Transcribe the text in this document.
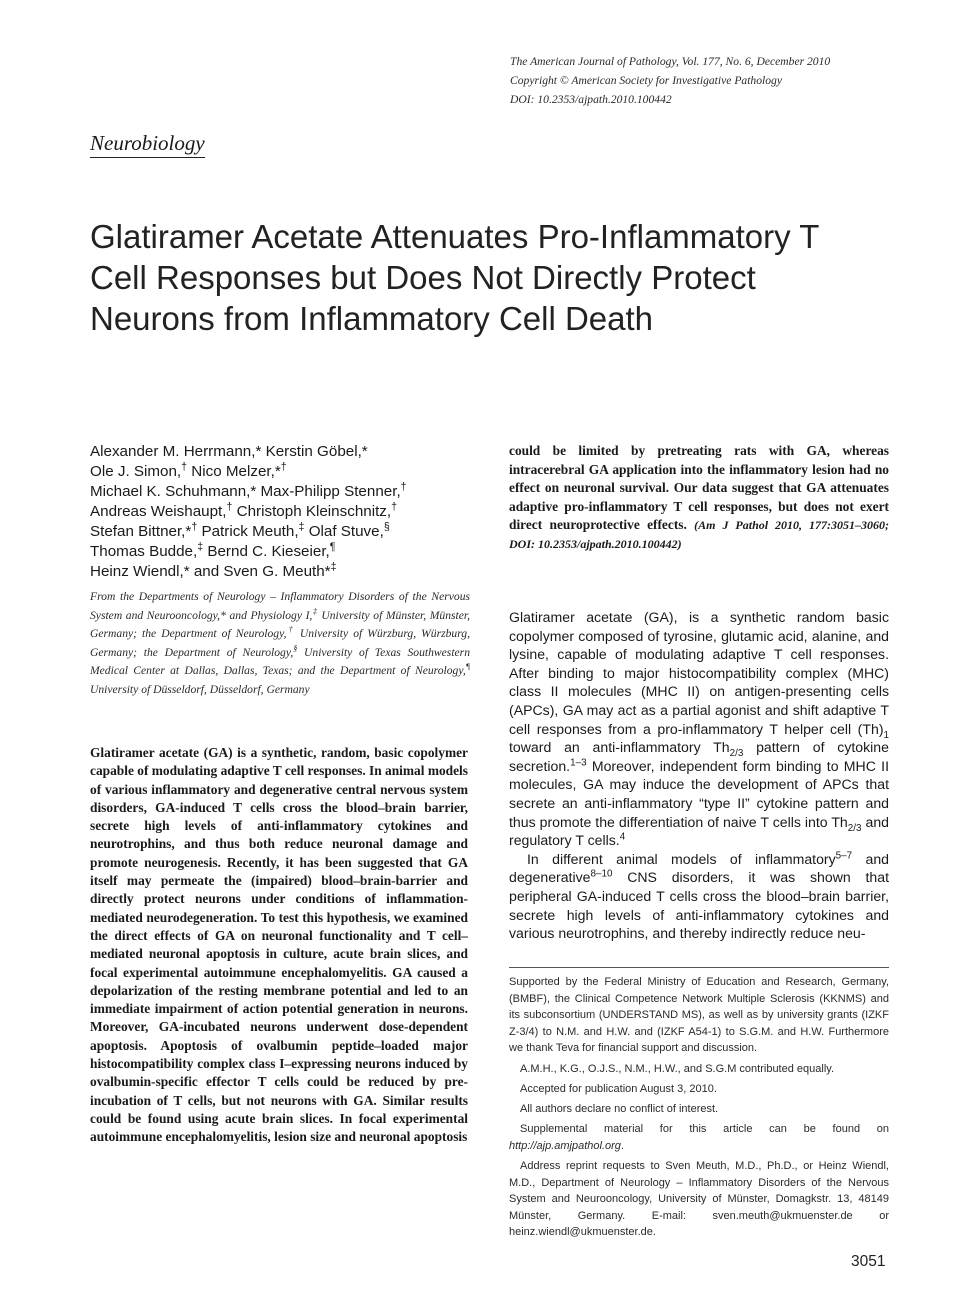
The American Journal of Pathology, Vol. 177, No. 6, December 2010
Copyright © American Society for Investigative Pathology
DOI: 10.2353/ajpath.2010.100442
Neurobiology
Glatiramer Acetate Attenuates Pro-Inflammatory T Cell Responses but Does Not Directly Protect Neurons from Inflammatory Cell Death
Alexander M. Herrmann,* Kerstin Göbel,*
Ole J. Simon,† Nico Melzer,*†
Michael K. Schuhmann,* Max-Philipp Stenner,†
Andreas Weishaupt,† Christoph Kleinschnitz,†
Stefan Bittner,*† Patrick Meuth,‡ Olaf Stuve,§
Thomas Budde,‡ Bernd C. Kieseier,¶
Heinz Wiendl,* and Sven G. Meuth*‡
From the Departments of Neurology – Inflammatory Disorders of the Nervous System and Neurooncology,* and Physiology I,‡ University of Münster, Münster, Germany; the Department of Neurology,† University of Würzburg, Würzburg, Germany; the Department of Neurology,§ University of Texas Southwestern Medical Center at Dallas, Dallas, Texas; and the Department of Neurology,¶ University of Düsseldorf, Düsseldorf, Germany
Glatiramer acetate (GA) is a synthetic, random, basic copolymer capable of modulating adaptive T cell responses. In animal models of various inflammatory and degenerative central nervous system disorders, GA-induced T cells cross the blood–brain barrier, secrete high levels of anti-inflammatory cytokines and neurotrophins, and thus both reduce neuronal damage and promote neurogenesis. Recently, it has been suggested that GA itself may permeate the (impaired) blood–brain-barrier and directly protect neurons under conditions of inflammation-mediated neurodegeneration. To test this hypothesis, we examined the direct effects of GA on neuronal functionality and T cell–mediated neuronal apoptosis in culture, acute brain slices, and focal experimental autoimmune encephalomyelitis. GA caused a depolarization of the resting membrane potential and led to an immediate impairment of action potential generation in neurons. Moreover, GA-incubated neurons underwent dose-dependent apoptosis. Apoptosis of ovalbumin peptide–loaded major histocompatibility complex class I–expressing neurons induced by ovalbumin-specific effector T cells could be reduced by pre-incubation of T cells, but not neurons with GA. Similar results could be found using acute brain slices. In focal experimental autoimmune encephalomyelitis, lesion size and neuronal apoptosis
could be limited by pretreating rats with GA, whereas intracerebral GA application into the inflammatory lesion had no effect on neuronal survival. Our data suggest that GA attenuates adaptive pro-inflammatory T cell responses, but does not exert direct neuroprotective effects. (Am J Pathol 2010, 177:3051–3060; DOI: 10.2353/ajpath.2010.100442)

Glatiramer acetate (GA), is a synthetic random basic copolymer composed of tyrosine, glutamic acid, alanine, and lysine, capable of modulating adaptive T cell responses. After binding to major histocompatibility complex (MHC) class II molecules (MHC II) on antigen-presenting cells (APCs), GA may act as a partial agonist and shift adaptive T cell responses from a pro-inflammatory T helper cell $(Th)_1$ toward an anti-inflammatory $Th_{2/3}$ pattern of cytokine secretion.$^{1-3}$ Moreover, independent form binding to MHC II molecules, GA may induce the development of APCs that secrete an anti-inflammatory “type II” cytokine pattern and thus promote the differentiation of naive T cells into $Th_{2/3}$ and regulatory T cells.$^4$

In different animal models of inflammatory$^{5-7}$ and degenerative$^{8-10}$ CNS disorders, it was shown that peripheral GA-induced T cells cross the blood–brain barrier, secrete high levels of anti-inflammatory cytokines and various neurotrophins, and thereby indirectly reduce neu-

Supported by the Federal Ministry of Education and Research, Germany, (BMBF), the Clinical Competence Network Multiple Sclerosis (KKNMS) and its subconsortium (UNDERSTAND MS), as well as by university grants (IZKF Z-3/4) to N.M. and H.W. and (IZKF A54-1) to S.G.M. and H.W. Furthermore we thank Teva for financial support and discussion.

A.M.H., K.G., O.J.S., N.M., H.W., and S.G.M contributed equally.

Accepted for publication August 3, 2010.

All authors declare no conflict of interest.

Supplemental material for this article can be found on http://ajp.amjpathol.org.

Address reprint requests to Sven Meuth, M.D., Ph.D., or Heinz Wiendl, M.D., Department of Neurology – Inflammatory Disorders of the Nervous System and Neurooncology, University of Münster, Domagkstr. 13, 48149 Münster, Germany. E-mail: sven.meuth@ukmuenster.de or heinz.wiendl@ukmuenster.de.

3051
